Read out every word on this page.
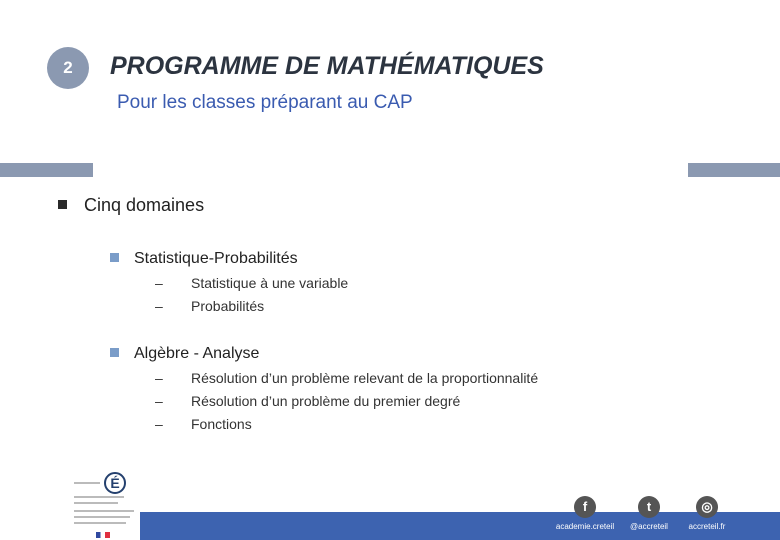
2	PROGRAMME DE MATHÉMATIQUES
Pour les classes préparant au CAP
Cinq domaines
Statistique-Probabilités
– Statistique à une variable
– Probabilités
Algèbre - Analyse
– Résolution d’un problème relevant de la proportionnalité
– Résolution d’un problème du premier degré
– Fonctions
É
f
academie.creteil
t
@accreteil
◎
accreteil.fr
